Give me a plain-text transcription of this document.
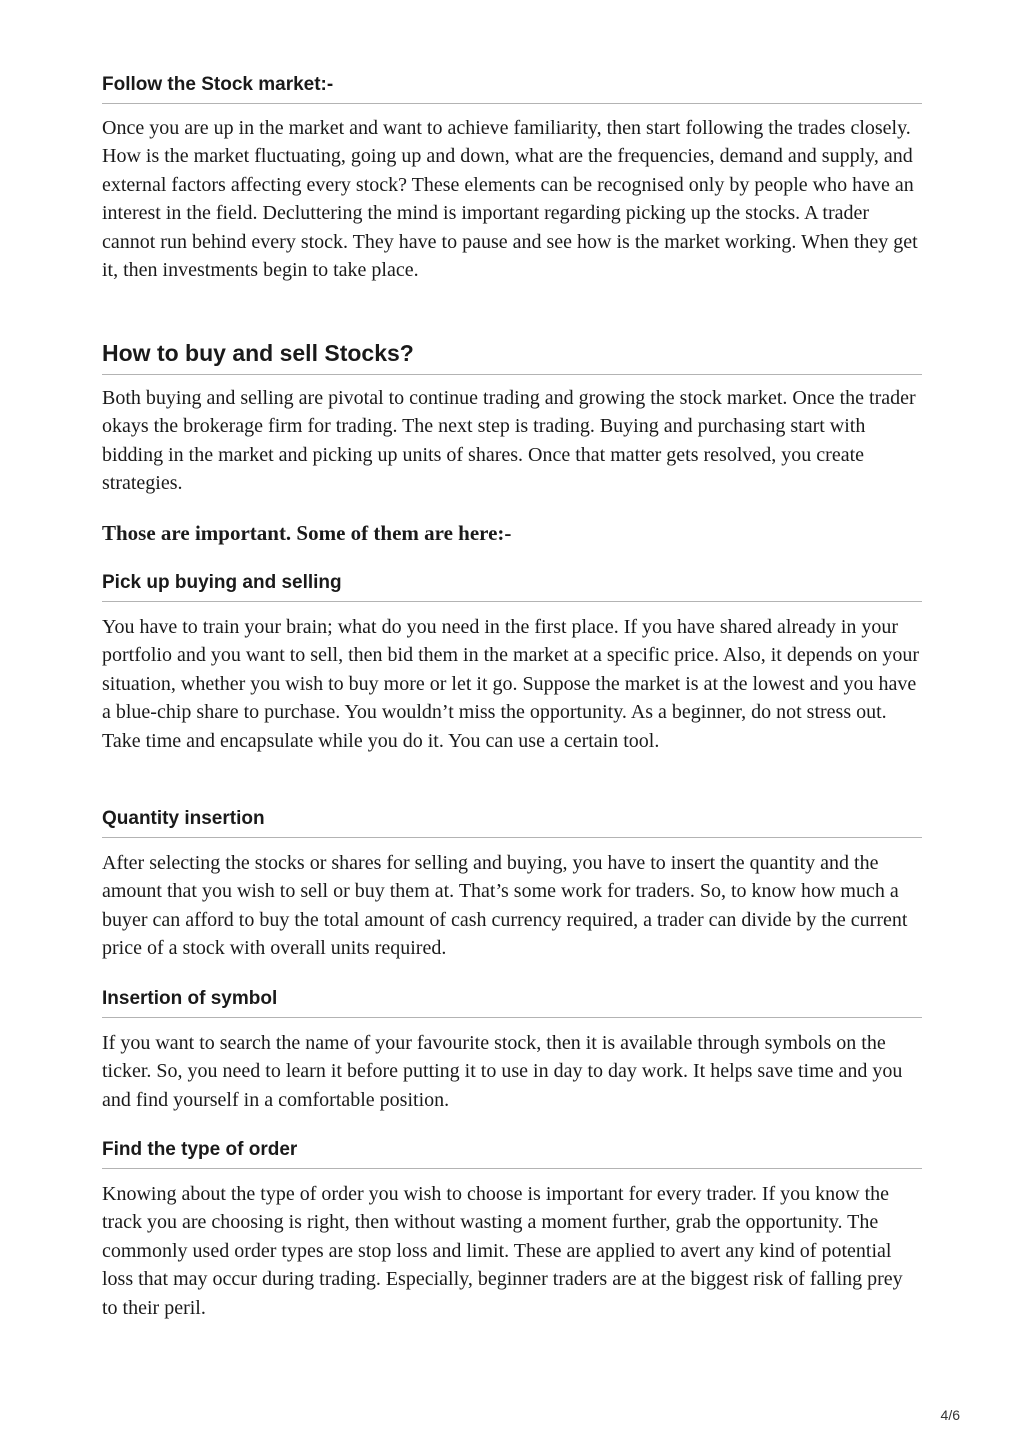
Follow the Stock market:-

Once you are up in the market and want to achieve familiarity, then start following the trades closely. How is the market fluctuating, going up and down, what are the frequencies, demand and supply, and external factors affecting every stock? These elements can be recognised only by people who have an interest in the field. Decluttering the mind is important regarding picking up the stocks. A trader cannot run behind every stock. They have to pause and see how is the market working. When they get it, then investments begin to take place.

How to buy and sell Stocks?

Both buying and selling are pivotal to continue trading and growing the stock market. Once the trader okays the brokerage firm for trading. The next step is trading. Buying and purchasing start with bidding in the market and picking up units of shares. Once that matter gets resolved, you create strategies.

Those are important. Some of them are here:-

Pick up buying and selling

You have to train your brain; what do you need in the first place. If you have shared already in your portfolio and you want to sell, then bid them in the market at a specific price. Also, it depends on your situation, whether you wish to buy more or let it go. Suppose the market is at the lowest and you have a blue-chip share to purchase. You wouldn’t miss the opportunity. As a beginner, do not stress out. Take time and encapsulate while you do it. You can use a certain tool.

Quantity insertion

After selecting the stocks or shares for selling and buying, you have to insert the quantity and the amount that you wish to sell or buy them at. That’s some work for traders. So, to know how much a buyer can afford to buy the total amount of cash currency required, a trader can divide by the current price of a stock with overall units required.

Insertion of symbol

If you want to search the name of your favourite stock, then it is available through symbols on the ticker. So, you need to learn it before putting it to use in day to day work. It helps save time and you and find yourself in a comfortable position.

Find the type of order

Knowing about the type of order you wish to choose is important for every trader. If you know the track you are choosing is right, then without wasting a moment further, grab the opportunity. The commonly used order types are stop loss and limit. These are applied to avert any kind of potential loss that may occur during trading. Especially, beginner traders are at the biggest risk of falling prey to their peril.

4/6
